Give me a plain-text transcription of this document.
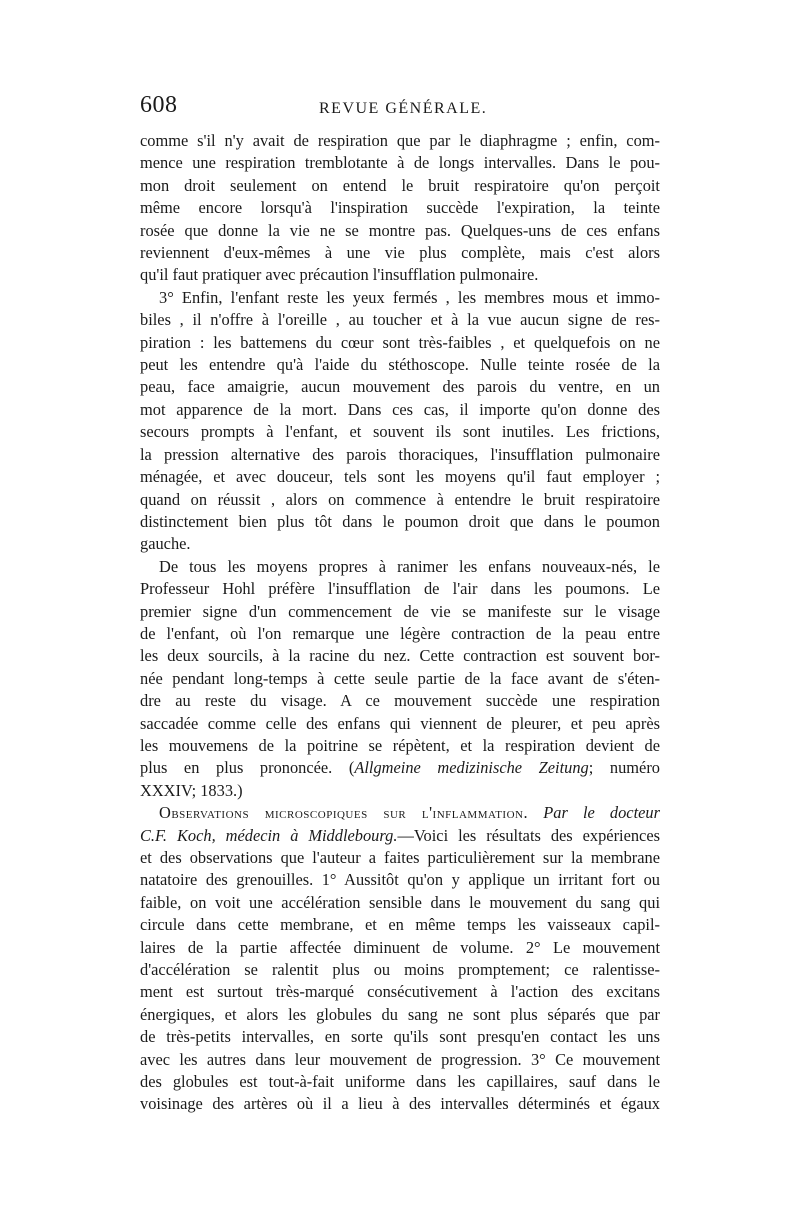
608	REVUE GÉNÉRALE.

comme s'il n'y avait de respiration que par le diaphragme ; enfin, com-

mence une respiration tremblotante à de longs intervalles. Dans le pou-

mon droit seulement on entend le bruit respiratoire qu'on perçoit

même encore lorsqu'à l'inspiration succède l'expiration, la teinte

rosée que donne la vie ne se montre pas. Quelques-uns de ces enfans

reviennent d'eux-mêmes à une vie plus complète, mais c'est alors

qu'il faut pratiquer avec précaution l'insufflation pulmonaire.

3° Enfin, l'enfant reste les yeux fermés , les membres mous et immo-

biles , il n'offre à l'oreille , au toucher et à la vue aucun signe de res-

piration : les battemens du cœur sont très-faibles , et quelquefois on ne

peut les entendre qu'à l'aide du stéthoscope. Nulle teinte rosée de la

peau, face amaigrie, aucun mouvement des parois du ventre, en un

mot apparence de la mort. Dans ces cas, il importe qu'on donne des

secours prompts à l'enfant, et souvent ils sont inutiles. Les frictions,

la pression alternative des parois thoraciques, l'insufflation pulmonaire

ménagée, et avec douceur, tels sont les moyens qu'il faut employer ;

quand on réussit , alors on commence à entendre le bruit respiratoire

distinctement bien plus tôt dans le poumon droit que dans le poumon

gauche.

De tous les moyens propres à ranimer les enfans nouveaux-nés, le

Professeur Hohl préfère l'insufflation de l'air dans les poumons. Le

premier signe d'un commencement de vie se manifeste sur le visage

de l'enfant, où l'on remarque une légère contraction de la peau entre

les deux sourcils, à la racine du nez. Cette contraction est souvent bor-

née pendant long-temps à cette seule partie de la face avant de s'éten-

dre au reste du visage. A ce mouvement succède une respiration

saccadée comme celle des enfans qui viennent de pleurer, et peu après

les mouvemens de la poitrine se répètent, et la respiration devient de

plus en plus prononcée. (Allgmeine medizinische Zeitung; numéro

XXXIV; 1833.)

Observations microscopiques sur l'inflammation. Par le docteur

C.F. Koch, médecin à Middlebourg.—Voici les résultats des expériences

et des observations que l'auteur a faites particulièrement sur la membrane

natatoire des grenouilles. 1° Aussitôt qu'on y applique un irritant fort ou

faible, on voit une accélération sensible dans le mouvement du sang qui

circule dans cette membrane, et en même temps les vaisseaux capil-

laires de la partie affectée diminuent de volume. 2° Le mouvement

d'accélération se ralentit plus ou moins promptement; ce ralentisse-

ment est surtout très-marqué consécutivement à l'action des excitans

énergiques, et alors les globules du sang ne sont plus séparés que par

de très-petits intervalles, en sorte qu'ils sont presqu'en contact les uns

avec les autres dans leur mouvement de progression. 3° Ce mouvement

des globules est tout-à-fait uniforme dans les capillaires, sauf dans le

voisinage des artères où il a lieu à des intervalles déterminés et égaux
